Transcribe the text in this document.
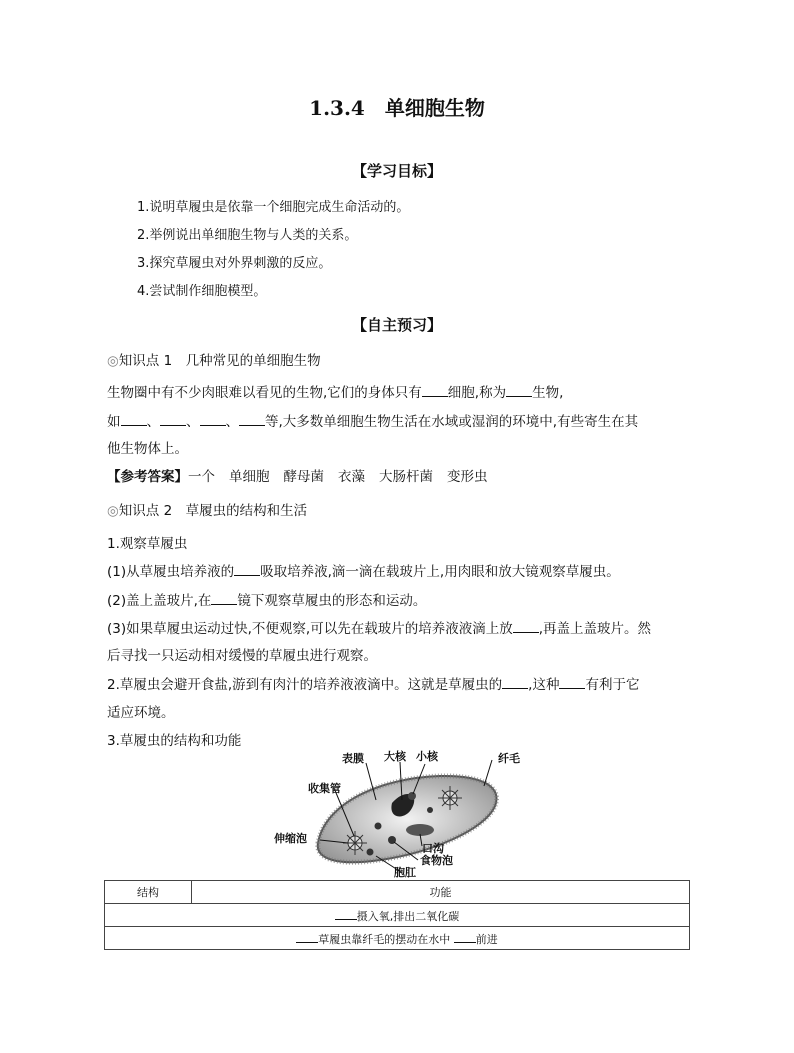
1.3.4　单细胞生物
【学习目标】
1.说明草履虫是依靠一个细胞完成生命活动的。
2.举例说出单细胞生物与人类的关系。
3.探究草履虫对外界刺激的反应。
4.尝试制作细胞模型。
【自主预习】
◎知识点 1　几种常见的单细胞生物
生物圈中有不少肉眼难以看见的生物,它们的身体只有 细胞,称为 生物,
如 、 、 、 等,大多数单细胞生物生活在水域或湿润的环境中,有些寄生在其
他生物体上。
【参考答案】一个 单细胞 酵母菌 衣藻 大肠杆菌 变形虫
◎知识点 2　草履虫的结构和生活
1.观察草履虫
(1)从草履虫培养液的 吸取培养液,滴一滴在载玻片上,用肉眼和放大镜观察草履虫。
(2)盖上盖玻片,在 镜下观察草履虫的形态和运动。
(3)如果草履虫运动过快,不便观察,可以先在载玻片的培养液液滴上放 ,再盖上盖玻片。然
后寻找一只运动相对缓慢的草履虫进行观察。
2.草履虫会避开食盐,游到有肉汁的培养液液滴中。这就是草履虫的 ,这种 有利于它
适应环境。
3.草履虫的结构和功能
表膜 大核 小核	纤毛
收集管
伸缩泡
口沟
食物泡
胞肛
结构	功能
摄入氧,排出二氧化碳
草履虫靠纤毛的摆动在水中 前进
